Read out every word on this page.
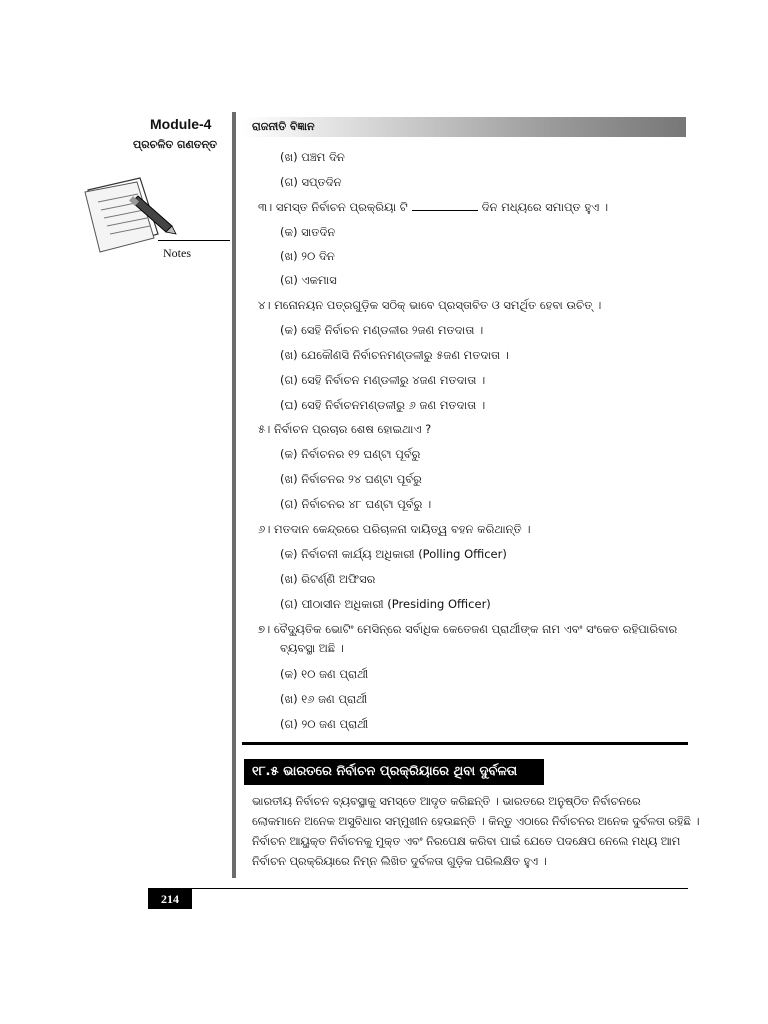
Module-4
ପ୍ରଚଳିତ ଗଣତନ୍ତ
Notes
ରାଜନୀତି ବିଜ୍ଞାନ
(ଖ) ପଞ୍ଚମ ଦିନ
(ଗ) ସପ୍ତଦିନ
୩। ସମସ୍ତ ନିର୍ବାଚନ ପ୍ରକ୍ରିୟା ଟି	ଦିନ ମଧ୍ୟରେ ସମାପ୍ତ ହୁଏ ।
(କ) ସାତଦିନ
(ଖ) ୨୦ ଦିନ
(ଗ) ଏକମାସ
୪। ମନୋନୟନ ପତ୍ରଗୁଡ଼ିକ ସଠିକ୍ ଭାବେ ପ୍ରସ୍ତାବିତ ଓ ସମର୍ଥିତ ହେବା ଉଚିତ୍ ।
(କ) ସେହି ନିର୍ବାଚନ ମଣ୍ଡଳୀର ୨ଜଣ ମତଦାତା ।
(ଖ) ଯେକୌଣସି ନିର୍ବାଚନମଣ୍ଡଳୀରୁ ୫ଜଣ ମତଦାତା ।
(ଗ) ସେହି ନିର୍ବାଚନ ମଣ୍ଡଳୀରୁ ୪ଜଣ ମତଦାତା ।
(ଘ) ସେହି ନିର୍ବାଚନମଣ୍ଡଳୀରୁ ୬ ଜଣ ମତଦାତା ।
୫। ନିର୍ବାଚନ ପ୍ରଚାର ଶେଷ ହୋଇଥାଏ ?
(କ) ନିର୍ବାଚନର ୧୨ ଘଣ୍ଟା ପୂର୍ବରୁ
(ଖ) ନିର୍ବାଚନର ୨୪ ଘଣ୍ଟା ପୂର୍ବରୁ
(ଗ) ନିର୍ବାଚନର ୪୮ ଘଣ୍ଟା ପୂର୍ବରୁ ।
୬। ମତଦାନ କେନ୍ଦ୍ରରେ ପରିଚାଳନା ଦାୟିତ୍ୱ ବହନ କରିଥାନ୍ତି ।
(କ) ନିର୍ବାଚନୀ କାର୍ଯ୍ୟ ଅଧିକାରୀ (Polling Officer)
(ଖ) ରିଟର୍ଣ୍ଣି ଅଫିସର
(ଗ) ପୀଠାସୀନ ଅଧିକାରୀ (Presiding Officer)
୭। ବୈଦ୍ୟୁତିକ ଭୋଟିଂ ମେସିନ୍‌ରେ ସର୍ବାଧିକ କେତେଜଣ ପ୍ରାର୍ଥୀଙ୍କ ନାମ ଏବଂ ସଂକେତ ରହିପାରିବାର
ବ୍ୟବସ୍ଥା ଅଛି ।
(କ) ୧୦ ଜଣ ପ୍ରାର୍ଥୀ
(ଖ) ୧୬ ଜଣ ପ୍ରାର୍ଥୀ
(ଗ) ୨୦ ଜଣ ପ୍ରାର୍ଥୀ
୧୮.୫ ଭାରତରେ ନିର୍ବାଚନ ପ୍ରକ୍ରିୟାରେ ଥିବା ଦୁର୍ବଳତା
ଭାରତୀୟ ନିର୍ବାଚନ ବ୍ୟବସ୍ଥାକୁ ସମସ୍ତେ ଆଦୃତ କରିଛନ୍ତି । ଭାରତରେ ଅନୁଷ୍ଠିତ ନିର୍ବାଚନରେ
ଲୋକମାନେ ଅନେକ ଅସୁବିଧାର ସମ୍ମୁଖୀନ ହେଉଛନ୍ତି । କିନ୍ତୁ ଏଠାରେ ନିର୍ବାଚନର ଅନେକ ଦୁର୍ବଳତା ରହିଛି ।
ନିର୍ବାଚନ ଆୟୁକ୍ତ ନିର୍ବାଚନକୁ ମୁକ୍ତ ଏବଂ ନିରପେକ୍ଷ କରିବା ପାଇଁ ଯେତେ ପଦକ୍ଷେପ ନେଲେ ମଧ୍ୟ ଆମ
ନିର୍ବାଚନ ପ୍ରକ୍ରିୟାରେ ନିମ୍ନ ଲିଖିତ ଦୁର୍ବଳତା ଗୁଡ଼ିକ ପରିଲକ୍ଷିତ ହୁଏ ।
214
